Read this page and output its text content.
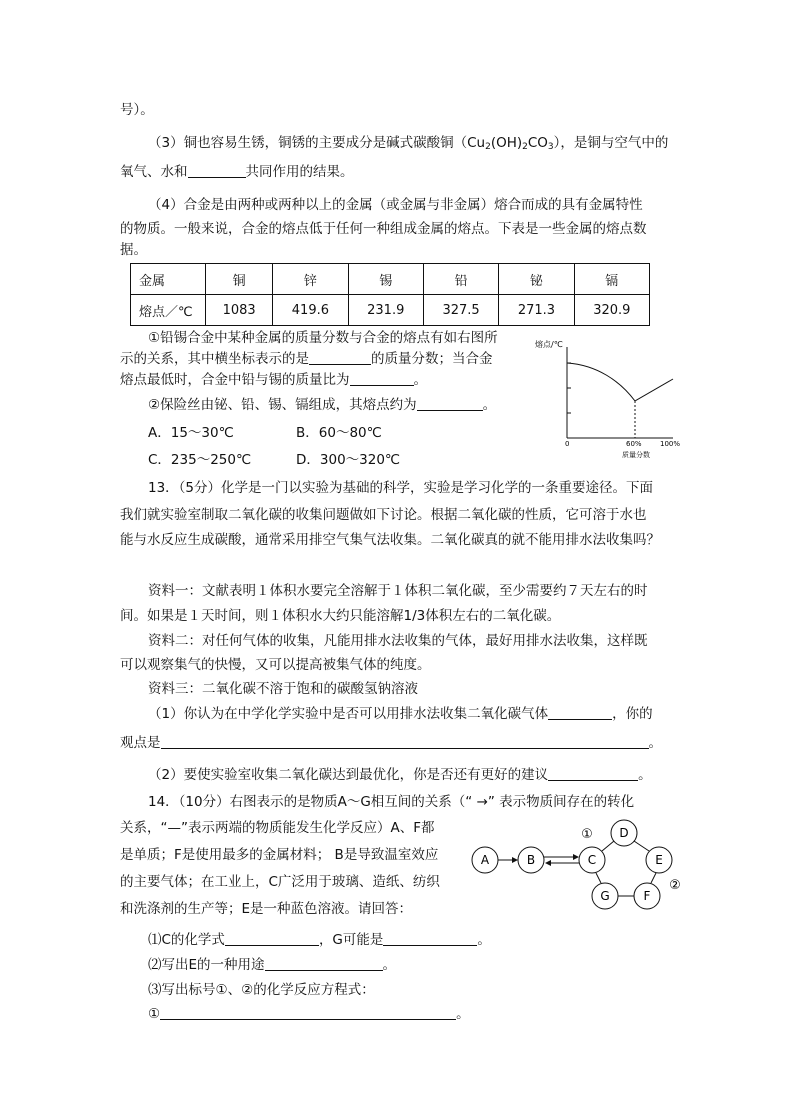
号）。
（3）铜也容易生锈，铜锈的主要成分是碱式碳酸铜$(Cu_2(OH)_2CO_3)$，是铜与空气中的
氧气、水和	共同作用的结果。
（4）合金是由两种或两种以上的金属（或金属与非金属）熔合而成的具有金属特性
的物质。一般来说，合金的熔点低于任何一种组成金属的熔点。下表是一些金属的熔点数
据。
金属	铜	锌	锡	铅	铋	镉
熔点／℃	1083	419.6	231.9	327.5	271.3	320.9
①铅锡合金中某种金属的质量分数与合金的熔点有如右图所
示的关系，其中横坐标表示的是	的质量分数；当合金
熔点最低时，合金中铅与锡的质量比为	。
②保险丝由铋、铅、锡、镉组成，其熔点约为	。
A．15～30℃	B．60～80℃
C．235～250℃	D．300～320℃
熔点/℃
0	60%	100%
质量分数
13．（5分）化学是一门以实验为基础的科学，实验是学习化学的一条重要途径。下面
我们就实验室制取二氧化碳的收集问题做如下讨论。根据二氧化碳的性质，它可溶于水也
能与水反应生成碳酸，通常采用排空气集气法收集。二氧化碳真的就不能用排水法收集吗？
资料一：文献表明１体积水要完全溶解于１体积二氧化碳，至少需要约７天左右的时
间。如果是１天时间，则１体积水大约只能溶解1/3体积左右的二氧化碳。
资料二：对任何气体的收集，凡能用排水法收集的气体，最好用排水法收集，这样既
可以观察集气的快慢，又可以提高被集气体的纯度。
资料三：二氧化碳不溶于饱和的碳酸氢钠溶液
（1）你认为在中学化学实验中是否可以用排水法收集二氧化碳气体	，你的
观点是	。
（2）要使实验室收集二氧化碳达到最优化，你是否还有更好的建议	。
14．（10分）右图表示的是物质A～G相互间的关系（“ →” 表示物质间存在的转化
关系，“—”表示两端的物质能发生化学反应）A、F都
是单质；F是使用最多的金属材料； B是导致温室效应
的主要气体；在工业上，C广泛用于玻璃、造纸、纺织
和洗涤剂的生产等；E是一种蓝色溶液。请回答：
A	B	C
D
E
F
G
①
②
⑴C的化学式	，G可能是	。
⑵写出E的一种用途	。
⑶写出标号①、②的化学反应方程式：
①	。
